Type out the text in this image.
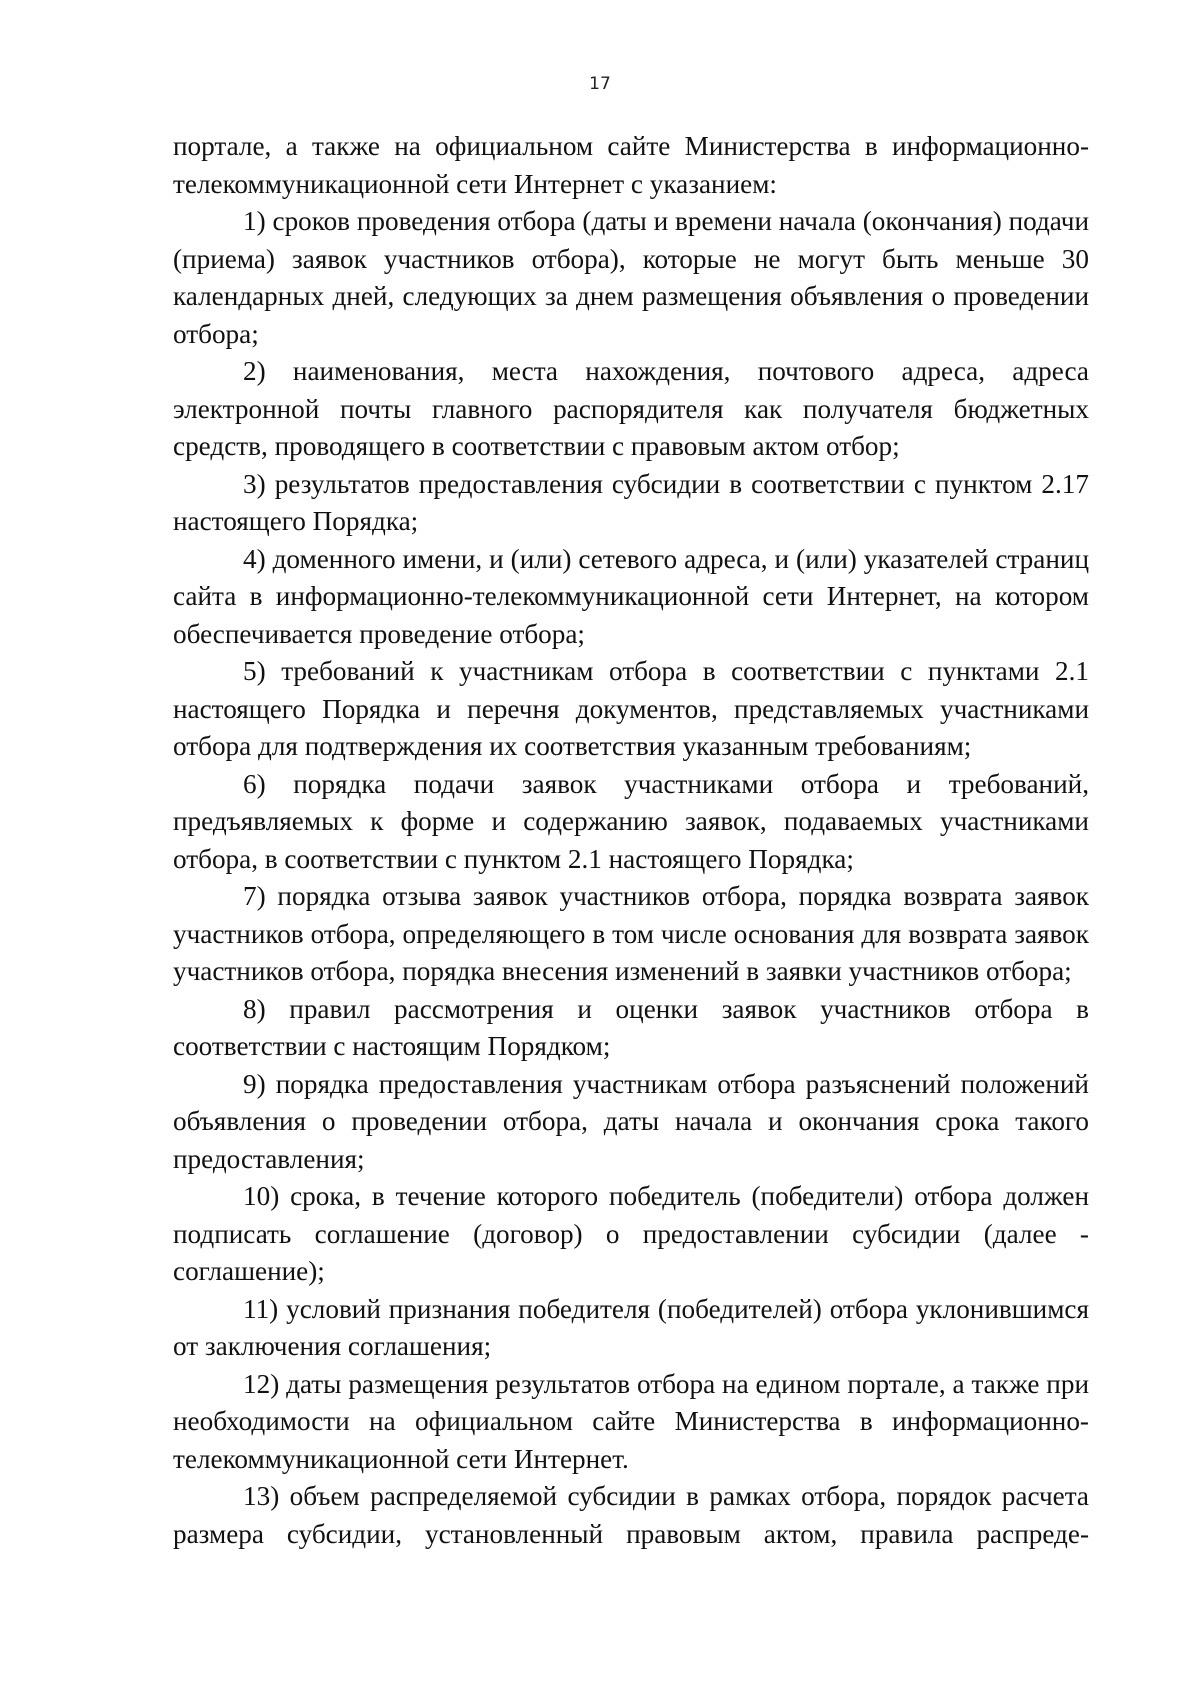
17

порталe, а также на официальном сайте Министерства в информационно-телекоммуникационной сети Интернет с указанием:

1) сроков проведения отбора (даты и времени начала (окончания) подачи (приема) заявок участников отбора), которые не могут быть меньше 30 календарных дней, следующих за днем размещения объявления о проведении отбора;

2) наименования, места нахождения, почтового адреса, адреса электронной почты главного распорядителя как получателя бюджетных средств, проводящего в соответствии с правовым актом отбор;

3) результатов предоставления субсидии в соответствии с пунктом 2.17 настоящего Порядка;

4) доменного имени, и (или) сетевого адреса, и (или) указателей страниц сайта в информационно-телекоммуникационной сети Интернет, на котором обеспечивается проведение отбора;

5) требований к участникам отбора в соответствии с пунктами 2.1 настоящего Порядка и перечня документов, представляемых участниками отбора для подтверждения их соответствия указанным требованиям;

6) порядка подачи заявок участниками отбора и требований, предъявляемых к форме и содержанию заявок, подаваемых участниками отбора, в соответствии с пунктом 2.1 настоящего Порядка;

7) порядка отзыва заявок участников отбора, порядка возврата заявок участников отбора, определяющего в том числе основания для возврата заявок участников отбора, порядка внесения изменений в заявки участников отбора;

8) правил рассмотрения и оценки заявок участников отбора в соответствии с настоящим Порядком;

9) порядка предоставления участникам отбора разъяснений положений объявления о проведении отбора, даты начала и окончания срока такого предоставления;

10) срока, в течение которого победитель (победители) отбора должен подписать соглашение (договор) о предоставлении субсидии (далее - соглашение);

11) условий признания победителя (победителей) отбора уклонившимся от заключения соглашения;

12) даты размещения результатов отбора на едином портале, а также при необходимости на официальном сайте Министерства в информационно-телекоммуникационной сети Интернет.

13) объем распределяемой субсидии в рамках отбора, порядок расчета размера субсидии, установленный правовым актом, правила распреде-
